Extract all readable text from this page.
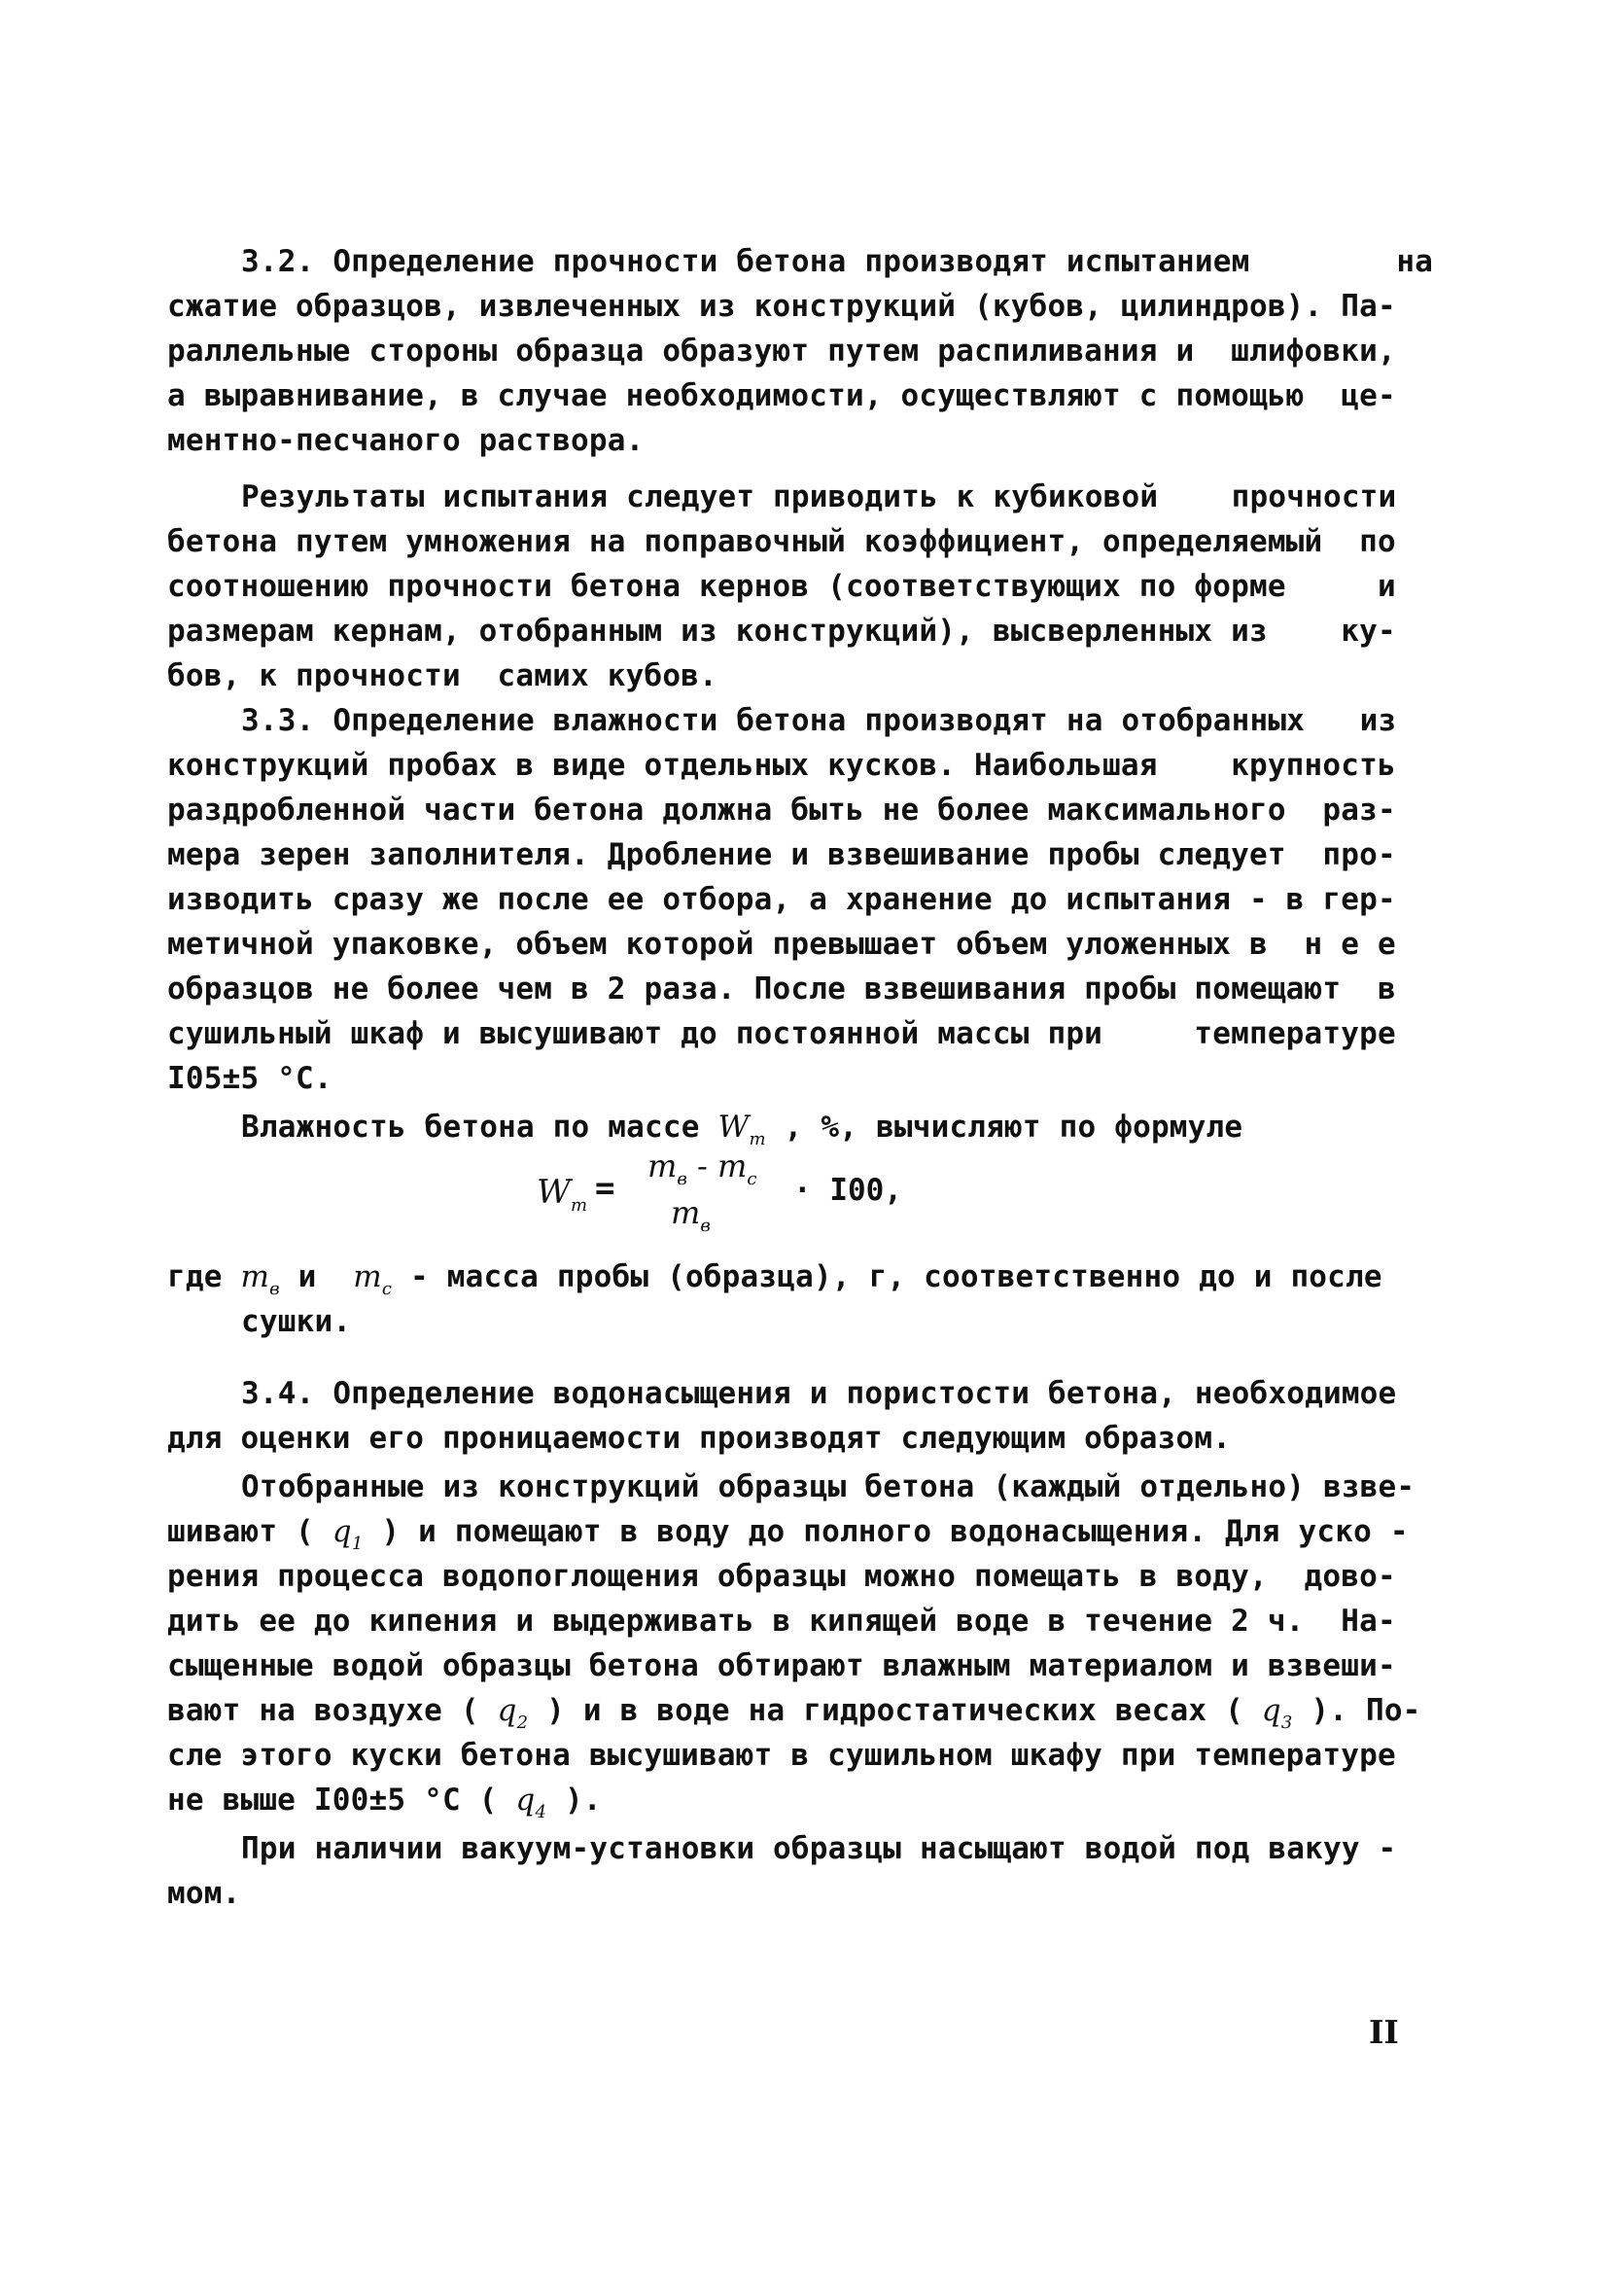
3.2. Определение прочности бетона производят испытанием        на
сжатие образцов, извлеченных из конструкций (кубов, цилиндров). Па-
раллельные стороны образца образуют путем распиливания и  шлифовки,
а выравнивание, в случае необходимости, осуществляют с помощью  це-
ментно-песчаного раствора.
Результаты испытания следует приводить к кубиковой    прочности
бетона путем умножения на поправочный коэффициент, определяемый  по
соотношению прочности бетона кернов (соответствующих по форме     и
размерам кернам, отобранным из конструкций), высверленных из    ку-
бов, к прочности  самих кубов.
3.3. Определение влажности бетона производят на отобранных   из
конструкций пробах в виде отдельных кусков. Наибольшая    крупность
раздробленной части бетона должна быть не более максимального  раз-
мера зерен заполнителя. Дробление и взвешивание пробы следует  про-
изводить сразу же после ее отбора, а хранение до испытания - в гер-
метичной упаковке, объем которой превышает объем уложенных в  н е е
образцов не более чем в 2 раза. После взвешивания пробы помещают  в
сушильный шкаф и высушивают до постоянной массы при     температуре
I05±5 °C.
Влажность бетона по массе $W_m$ , %, вычисляют по формуле
$W_m$ =
$m_в - m_c$
$m_в$
· I00,
где $m_в$ и  $m_c$ - масса пробы (образца), г, соответственно до и после
сушки.
3.4. Определение водонасыщения и пористости бетона, необходимое
для оценки его проницаемости производят следующим образом.
Отобранные из конструкций образцы бетона (каждый отдельно) взве-
шивают ( $q_1$ ) и помещают в воду до полного водонасыщения. Для уско -
рения процесса водопоглощения образцы можно помещать в воду,  дово-
дить ее до кипения и выдерживать в кипящей воде в течение 2 ч.  На-
сыщенные водой образцы бетона обтирают влажным материалом и взвеши-
вают на воздухе ( $q_2$ ) и в воде на гидростатических весах ( $q_3$ ). По-
сле этого куски бетона высушивают в сушильном шкафу при температуре
не выше I00±5 °C ( $q_4$ ).
При наличии вакуум-установки образцы насыщают водой под вакуу -
мом.
II
